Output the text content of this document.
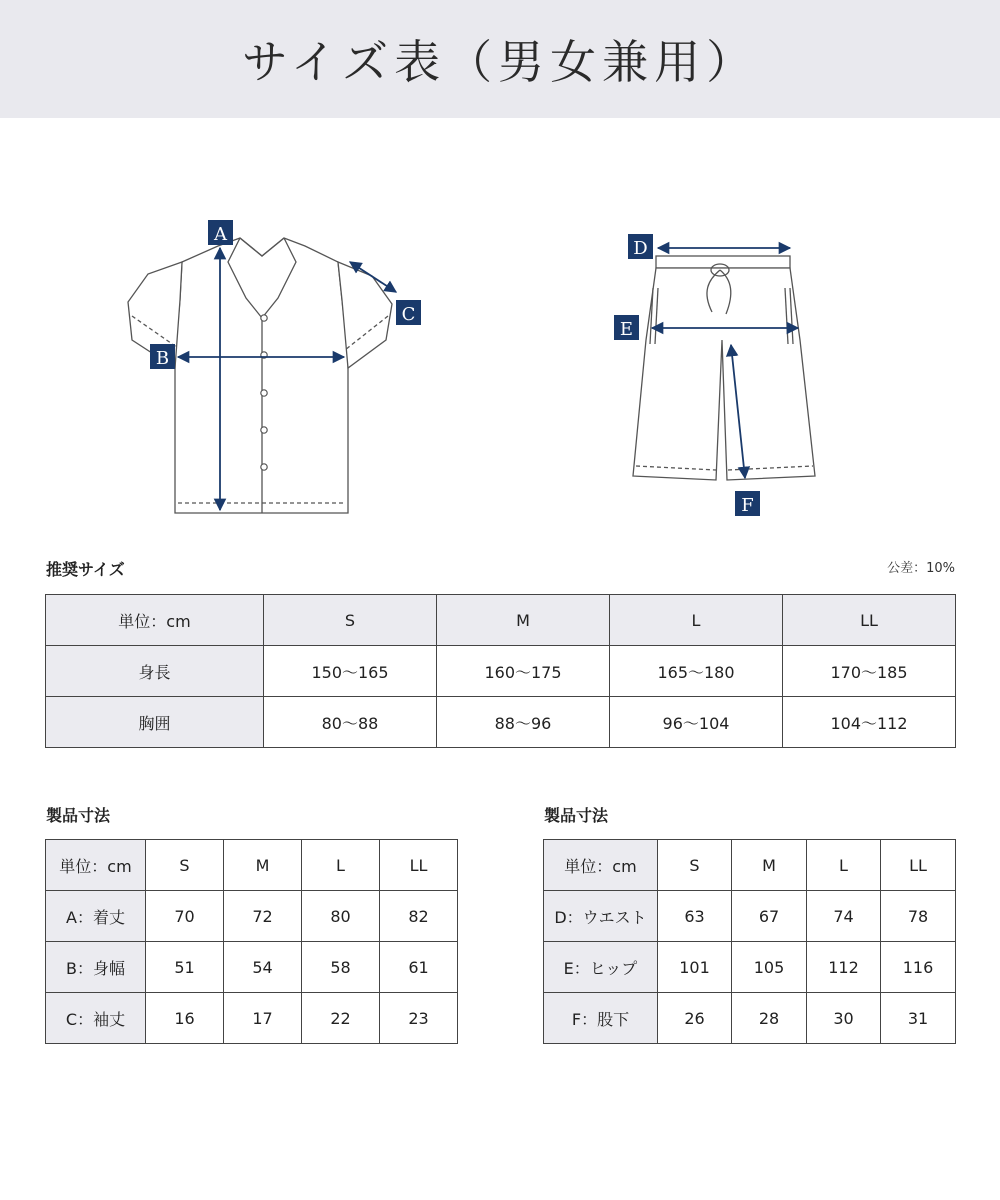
サイズ表（男女兼用）
A
B
C
D
E
F
推奨サイズ	公差：10%
単位：cm	S	M	L	LL
身長	150〜165	160〜175	165〜180	170〜185
胸囲	80〜88	88〜96	96〜104	104〜112
製品寸法
単位：cm	S	M	L	LL
A：着丈	70	72	80	82
B：身幅	51	54	58	61
C：袖丈	16	17	22	23
製品寸法
単位：cm	S	M	L	LL
D：ウエスト	63	67	74	78
E：ヒップ	101	105	112	116
F：股下	26	28	30	31
